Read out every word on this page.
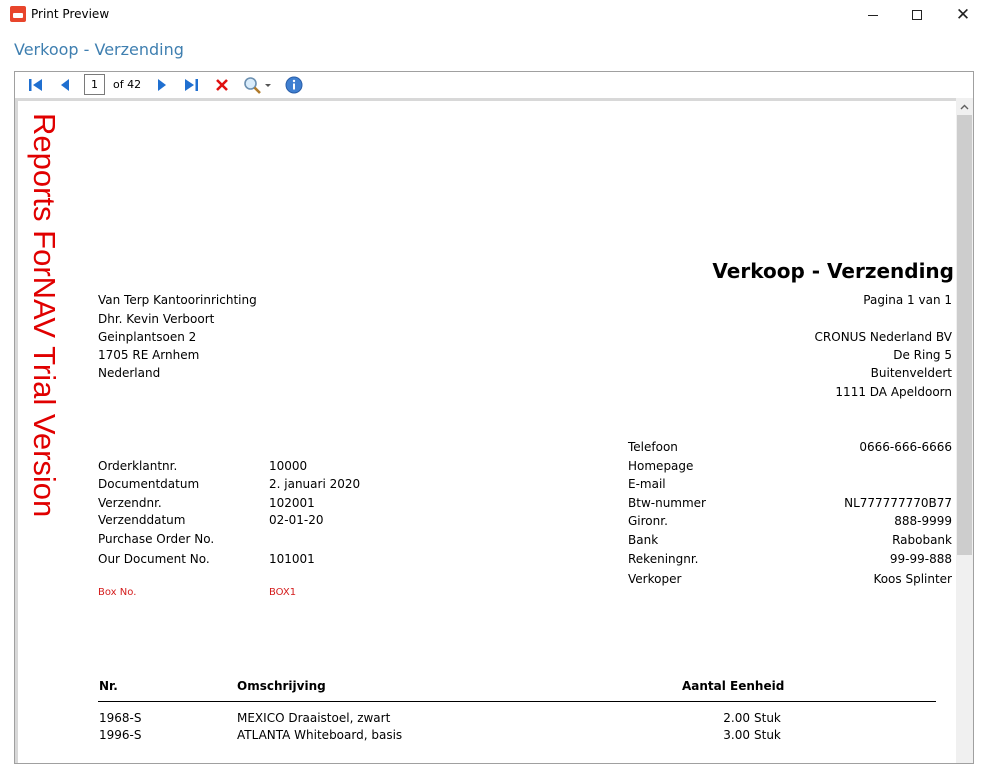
Print Preview	✕
Verkoop - Verzending
1	of 42
Reports ForNAV Trial Version	Verkoop - Verzending
Pagina 1 van 1
Van Terp Kantoorinrichting
Dhr. Kevin Verboort
Geinplantsoen 2
1705 RE Arnhem
Nederland
CRONUS Nederland BV
De Ring 5
Buitenveldert
1111 DA Apeldoorn
Telefoon	0666-666-6666
Homepage
E-mail
Btw-nummer	NL777777770B77
Gironr.	888-9999
Bank	Rabobank
Rekeningnr.	99-99-888
Verkoper	Koos Splinter
Orderklantnr.	10000
Documentdatum	2. januari 2020
Verzendnr.	102001
Verzenddatum	02-01-20
Purchase Order No.
Our Document No.	101001
Box No.	BOX1
Nr.	Omschrijving	Aantal Eenheid
1968-S	MEXICO Draaistoel, zwart	2.00 Stuk
1996-S	ATLANTA Whiteboard, basis	3.00 Stuk
